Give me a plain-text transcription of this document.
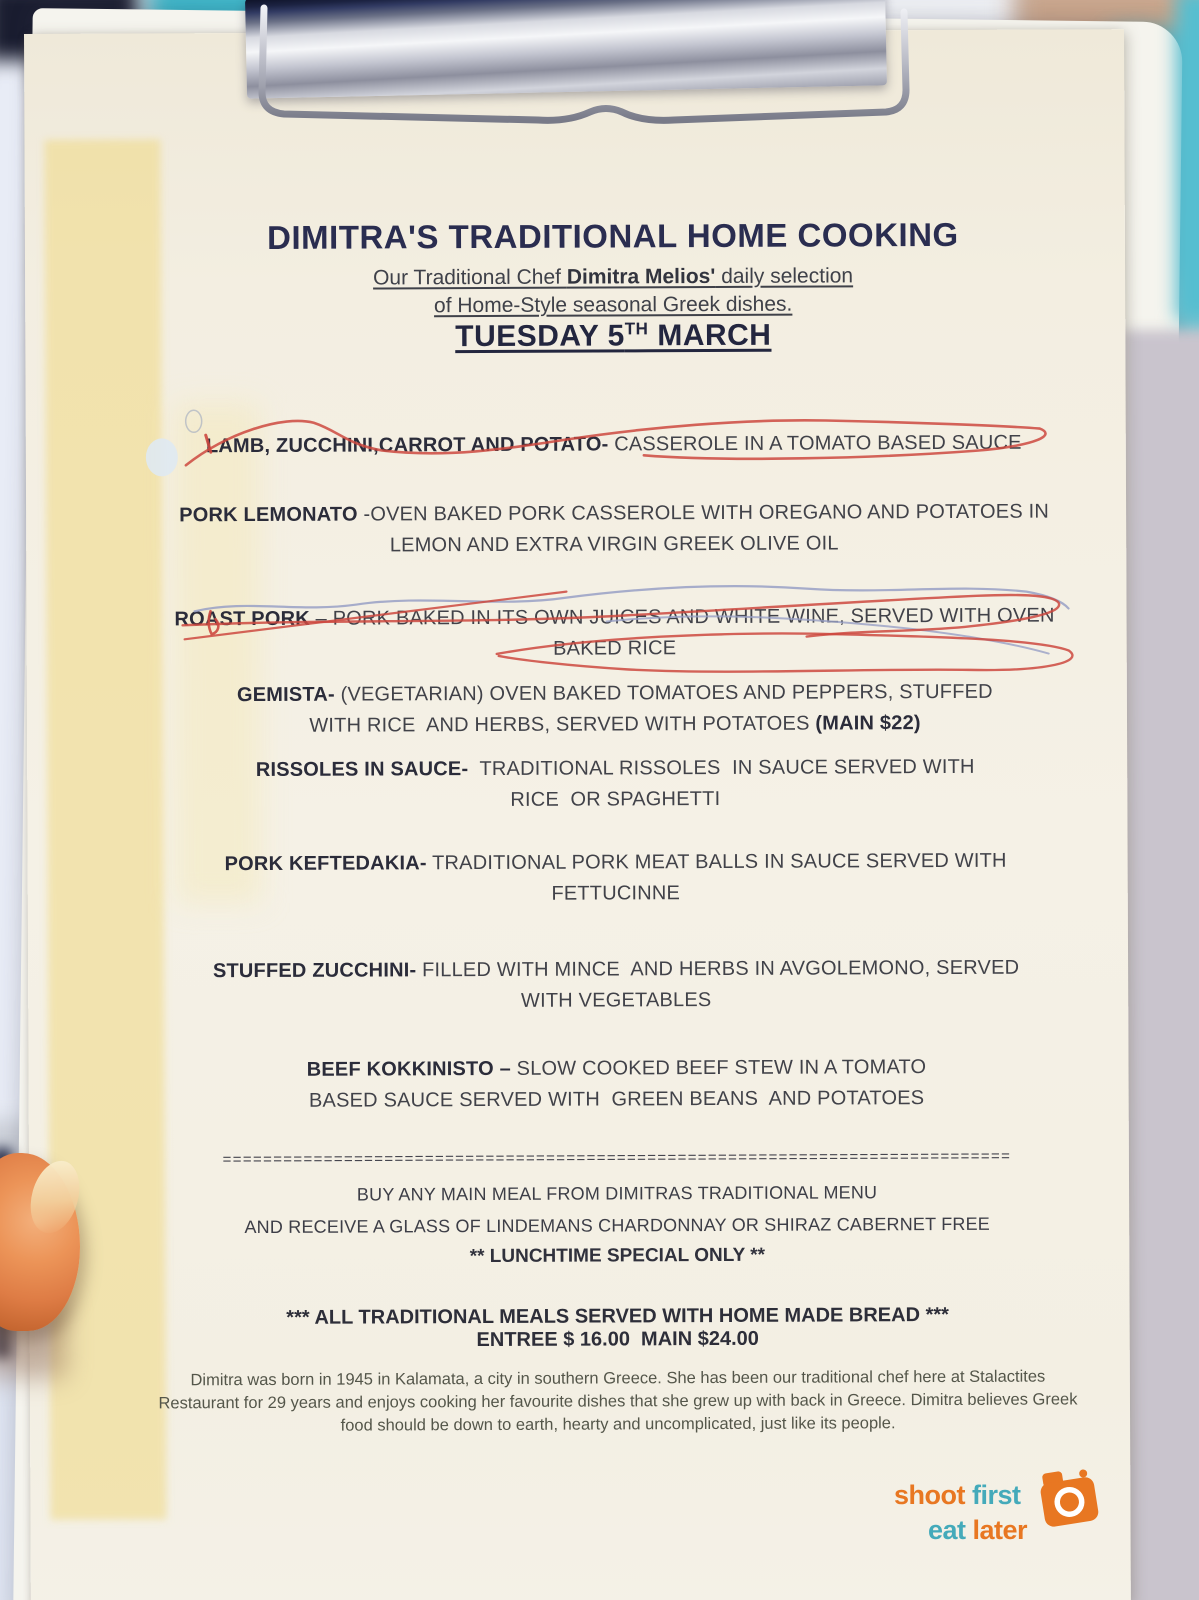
DIMITRA'S TRADITIONAL HOME COOKING
Our Traditional Chef Dimitra Melios' daily selection
of Home-Style seasonal Greek dishes.
TUESDAY 5TH MARCH
LAMB, ZUCCHINI,CARROT AND POTATO- CASSEROLE IN A TOMATO BASED SAUCE
PORK LEMONATO -OVEN BAKED PORK CASSEROLE WITH OREGANO AND POTATOES IN LEMON AND EXTRA VIRGIN GREEK OLIVE OIL
ROAST PORK – PORK BAKED IN ITS OWN JUICES AND WHITE WINE, SERVED WITH OVEN BAKED RICE
GEMISTA- (VEGETARIAN) OVEN BAKED TOMATOES AND PEPPERS, STUFFED WITH RICE  AND HERBS, SERVED WITH POTATOES (MAIN $22)
RISSOLES IN SAUCE-  TRADITIONAL RISSOLES  IN SAUCE SERVED WITH RICE  OR SPAGHETTI
PORK KEFTEDAKIA- TRADITIONAL PORK MEAT BALLS IN SAUCE SERVED WITH FETTUCINNE
STUFFED ZUCCHINI- FILLED WITH MINCE  AND HERBS IN AVGOLEMONO, SERVED WITH VEGETABLES
BEEF KOKKINISTO – SLOW COOKED BEEF STEW IN A TOMATO BASED SAUCE SERVED WITH  GREEN BEANS  AND POTATOES
==============================================================================
BUY ANY MAIN MEAL FROM DIMITRAS TRADITIONAL MENU
AND RECEIVE A GLASS OF LINDEMANS CHARDONNAY OR SHIRAZ CABERNET FREE
** LUNCHTIME SPECIAL ONLY **
*** ALL TRADITIONAL MEALS SERVED WITH HOME MADE BREAD ***
ENTREE $ 16.00  MAIN $24.00
Dimitra was born in 1945 in Kalamata, a city in southern Greece. She has been our traditional chef here at Stalactites Restaurant for 29 years and enjoys cooking her favourite dishes that she grew up with back in Greece. Dimitra believes Greek food should be down to earth, hearty and uncomplicated, just like its people.
shoot first
eat later
